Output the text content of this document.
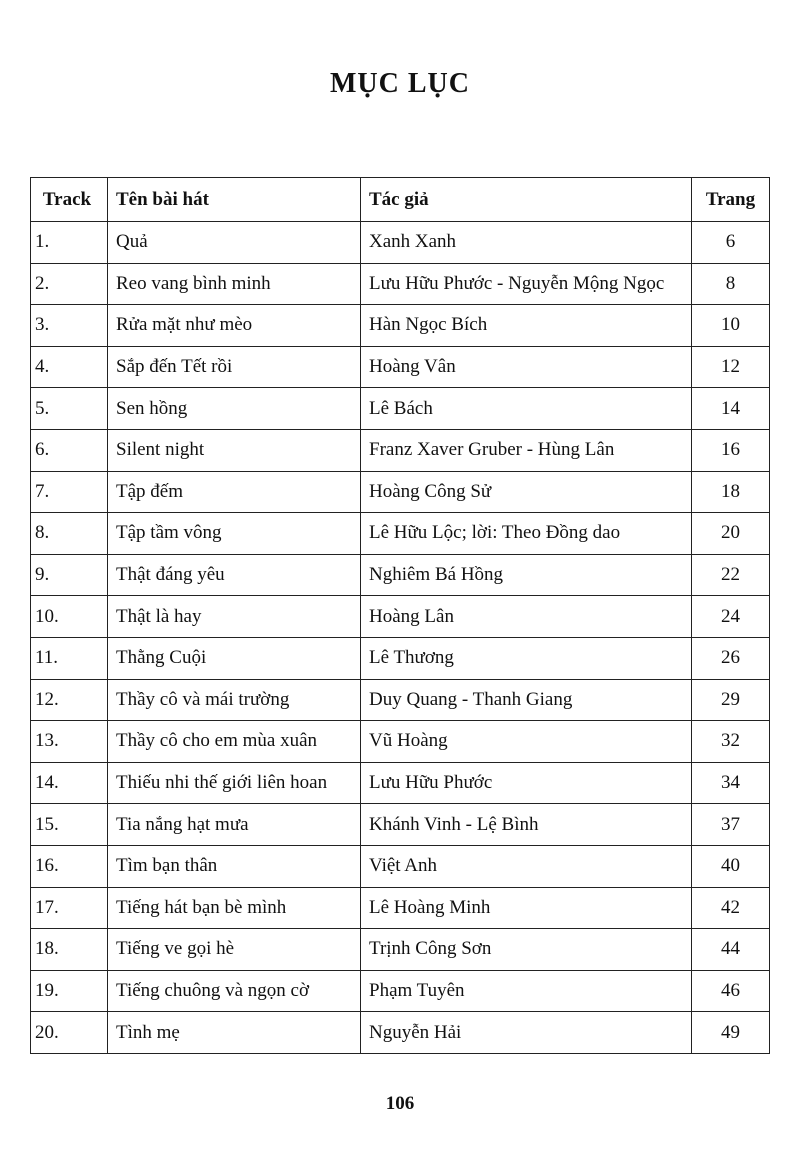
MỤC LỤC
Track	Tên bài hát	Tác giả	Trang
1.	Quả	Xanh Xanh	6
2.	Reo vang bình minh	Lưu Hữu Phước - Nguyễn Mộng Ngọc	8
3.	Rửa mặt như mèo	Hàn Ngọc Bích	10
4.	Sắp đến Tết rồi	Hoàng Vân	12
5.	Sen hồng	Lê Bách	14
6.	Silent night	Franz Xaver Gruber - Hùng Lân	16
7.	Tập đếm	Hoàng Công Sử	18
8.	Tập tầm vông	Lê Hữu Lộc; lời: Theo Đồng dao	20
9.	Thật đáng yêu	Nghiêm Bá Hồng	22
10.	Thật là hay	Hoàng Lân	24
11.	Thằng Cuội	Lê Thương	26
12.	Thầy cô và mái trường	Duy Quang - Thanh Giang	29
13.	Thầy cô cho em mùa xuân	Vũ Hoàng	32
14.	Thiếu nhi thế giới liên hoan	Lưu Hữu Phước	34
15.	Tia nắng hạt mưa	Khánh Vinh - Lệ Bình	37
16.	Tìm bạn thân	Việt Anh	40
17.	Tiếng hát bạn bè mình	Lê Hoàng Minh	42
18.	Tiếng ve gọi hè	Trịnh Công Sơn	44
19.	Tiếng chuông và ngọn cờ	Phạm Tuyên	46
20.	Tình mẹ	Nguyễn Hải	49
106
